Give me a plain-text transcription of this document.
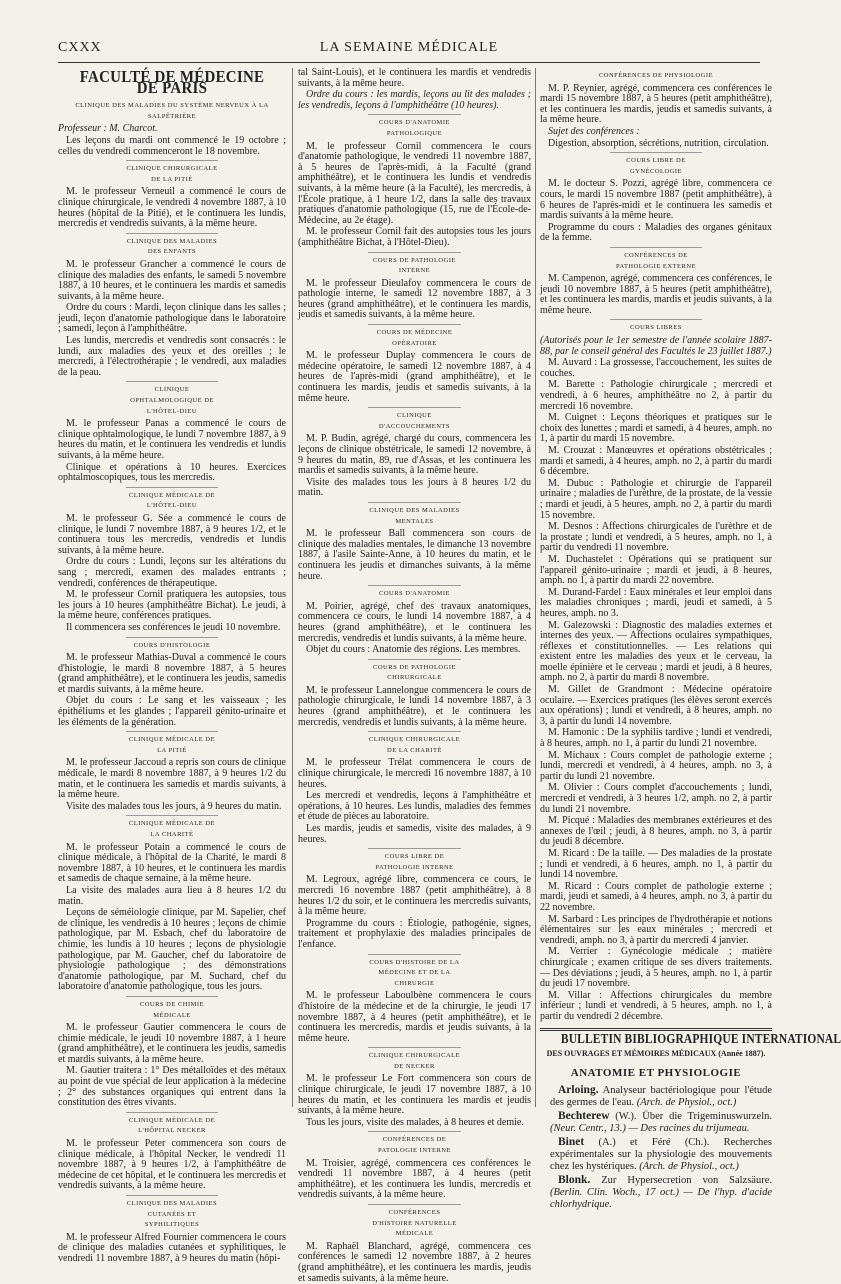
CXXX	LA SEMAINE MÉDICALE
FACULTÉ DE MÉDECINE DE PARIS
CLINIQUE DES MALADIES DU SYSTÈME NERVEUX À LA SALPÊTRIÈRE

Professeur : M. Charcot.

Les leçons du mardi ont commencé le 19 octobre ; celles du vendredi commenceront le 18 novembre.

CLINIQUE CHIRURGICALE DE LA PITIÉ

M. le professeur Verneuil a commencé le cours de clinique chirurgicale, le vendredi 4 novembre 1887, à 10 heures (hôpital de la Pitié), et le continuera les lundis, mercredis et vendredis suivants, à la même heure.

CLINIQUE DES MALADIES DES ENFANTS

M. le professeur Grancher a commencé le cours de clinique des maladies des enfants, le samedi 5 novembre 1887, à 10 heures, et le continuera les mardis et samedis suivants, à la même heure.

Ordre du cours : Mardi, leçon clinique dans les salles ; jeudi, leçon d'anatomie pathologique dans le laboratoire ; samedi, leçon à l'amphithéâtre.

Les lundis, mercredis et vendredis sont consacrés : le lundi, aux maladies des yeux et des oreilles ; le mercredi, à l'électrothérapie ; le vendredi, aux maladies de la peau.

CLINIQUE OPHTALMOLOGIQUE DE L'HÔTEL-DIEU

M. le professeur Panas a commencé le cours de clinique ophtalmologique, le lundi 7 novembre 1887, à 9 heures du matin, et le continuera les vendredis et lundis suivants, à la même heure.

Clinique et opérations à 10 heures. Exercices ophtalmoscopiques, tous les mercredis.

CLINIQUE MÉDICALE DE L'HÔTEL-DIEU

M. le professeur G. Sée a commencé le cours de clinique, le lundi 7 novembre 1887, à 9 heures 1/2, et le continuera tous les mercredis, vendredis et lundis suivants, à la même heure.

Ordre du cours : Lundi, leçons sur les altérations du sang ; mercredi, examen des malades entrants ; vendredi, conférences de thérapeutique.

M. le professeur Cornil pratiquera les autopsies, tous les jours à 10 heures (amphithéâtre Bichat). Le jeudi, à la même heure, conférences pratiques.

Il commencera ses conférences le jeudi 10 novembre.

COURS D'HISTOLOGIE

M. le professeur Mathias-Duval a commencé le cours d'histologie, le mardi 8 novembre 1887, à 5 heures (grand amphithéâtre), et le continuera les jeudis, samedis et mardis suivants, à la même heure.

Objet du cours : Le sang et les vaisseaux ; les épithéliums et les glandes ; l'appareil génito-urinaire et les éléments de la génération.

CLINIQUE MÉDICALE DE LA PITIÉ

M. le professeur Jaccoud a repris son cours de clinique médicale, le mardi 8 novembre 1887, à 9 heures 1/2 du matin, et le continuera les samedis et mardis suivants, à la même heure.

Visite des malades tous les jours, à 9 heures du matin.

CLINIQUE MÉDICALE DE LA CHARITÉ

M. le professeur Potain a commencé le cours de clinique médicale, à l'hôpital de la Charité, le mardi 8 novembre 1887, à 10 heures, et le continuera les mardis et samedis de chaque semaine, à la même heure.

La visite des malades aura lieu à 8 heures 1/2 du matin.

Leçons de séméiologie clinique, par M. Sapelier, chef de clinique, les vendredis à 10 heures ; leçons de chimie pathologique, par M. Esbach, chef du laboratoire de chimie, les lundis à 10 heures ; leçons de physiologie pathologique, par M. Gaucher, chef du laboratoire de physiologie pathologique ; des démonstrations d'anatomie pathologique, par M. Suchard, chef du laboratoire d'anatomie pathologique, tous les jours.

COURS DE CHIMIE MÉDICALE

M. le professeur Gautier commencera le cours de chimie médicale, le jeudi 10 novembre 1887, à 1 heure (grand amphithéâtre), et le continuera les jeudis, samedis et mardis suivants, à la même heure.

M. Gautier traitera : 1° Des métalloïdes et des métaux au point de vue spécial de leur application à la médecine ; 2° des substances organiques qui entrent dans la constitution des êtres vivants.

CLINIQUE MÉDICALE DE L'HÔPITAL NECKER

M. le professeur Peter commencera son cours de clinique médicale, à l'hôpital Necker, le vendredi 11 novembre 1887, à 9 heures 1/2, à l'amphithéâtre de médecine de cet hôpital, et le continuera les mercredis et vendredis suivants, à la même heure.

CLINIQUE DES MALADIES CUTANÉES ET SYPHILITIQUES

M. le professeur Alfred Fournier commencera le cours de clinique des maladies cutanées et syphilitiques, le vendredi 11 novembre 1887, à 9 heures du matin (hôpi-

tal Saint-Louis), et le continuera les mardis et vendredis suivants, à la même heure.

Ordre du cours : les mardis, leçons au lit des malades ; les vendredis, leçons à l'amphithéâtre (10 heures).

COURS D'ANATOMIE PATHOLOGIQUE

M. le professeur Cornil commencera le cours d'anatomie pathologique, le vendredi 11 novembre 1887, à 5 heures de l'après-midi, à la Faculté (grand amphithéâtre), et le continuera les lundis et vendredis suivants, à la même heure (à la Faculté), les mercredis, à l'École pratique, à 1 heure 1/2, dans la salle des travaux pratiques d'anatomie pathologique (15, rue de l'École-de-Médecine, au 2e étage).

M. le professeur Cornil fait des autopsies tous les jours (amphithéâtre Bichat, à l'Hôtel-Dieu).

COURS DE PATHOLOGIE INTERNE

M. le professeur Dieulafoy commencera le cours de pathologie interne, le samedi 12 novembre 1887, à 3 heures (grand amphithéâtre), et le continuera les mardis, jeudis et samedis suivants, à la même heure.

COURS DE MÉDECINE OPÉRATOIRE

M. le professeur Duplay commencera le cours de médecine opératoire, le samedi 12 novembre 1887, à 4 heures de l'après-midi (grand amphithéâtre), et le continuera les mardis, jeudis et samedis suivants, à la même heure.

CLINIQUE D'ACCOUCHEMENTS

M. P. Budin, agrégé, chargé du cours, commencera les leçons de clinique obstétricale, le samedi 12 novembre, à 9 heures du matin, 89, rue d'Assas, et les continuera les mardis et samedis suivants, à la même heure.

Visite des malades tous les jours à 8 heures 1/2 du matin.

CLINIQUE DES MALADIES MENTALES

M. le professeur Ball commencera son cours de clinique des maladies mentales, le dimanche 13 novembre 1887, à l'asile Sainte-Anne, à 10 heures du matin, et le continuera les jeudis et dimanches suivants, à la même heure.

COURS D'ANATOMIE

M. Poirier, agrégé, chef des travaux anatomiques, commencera ce cours, le lundi 14 novembre 1887, à 4 heures (grand amphithéâtre), et le continuera les mercredis, vendredis et lundis suivants, à la même heure.

Objet du cours : Anatomie des régions. Les membres.

COURS DE PATHOLOGIE CHIRURGICALE

M. le professeur Lannelongue commencera le cours de pathologie chirurgicale, le lundi 14 novembre 1887, à 3 heures (grand amphithéâtre), et le continuera les mercredis, vendredis et lundis suivants, à la même heure.

CLINIQUE CHIRURGICALE DE LA CHARITÉ

M. le professeur Trélat commencera le cours de clinique chirurgicale, le mercredi 16 novembre 1887, à 10 heures.

Les mercredi et vendredis, leçons à l'amphithéâtre et opérations, à 10 heures. Les lundis, maladies des femmes et étude de pièces au laboratoire.

Les mardis, jeudis et samedis, visite des malades, à 9 heures.

COURS LIBRE DE PATHOLOGIE INTERNE

M. Legroux, agrégé libre, commencera ce cours, le mercredi 16 novembre 1887 (petit amphithéâtre), à 8 heures 1/2 du soir, et le continuera les mercredis suivants, à la même heure.

Programme du cours : Étiologie, pathogénie, signes, traitement et prophylaxie des maladies principales de l'enfance.

COURS D'HISTOIRE DE LA MÉDECINE ET DE LA CHIRURGIE

M. le professeur Laboulbène commencera le cours d'histoire de la médecine et de la chirurgie, le jeudi 17 novembre 1887, à 4 heures (petit amphithéâtre), et le continuera les mercredis, mardis et jeudis suivants, à la même heure.

CLINIQUE CHIRURGICALE DE NECKER

M. le professeur Le Fort commencera son cours de clinique chirurgicale, le jeudi 17 novembre 1887, à 10 heures du matin, et les continuera les mardis et jeudis suivants, à la même heure.

Tous les jours, visite des malades, à 8 heures et demie.

CONFÉRENCES DE PATOLOGIE INTERNE

M. Troisier, agrégé, commencera ces conférences le vendredi 11 novembre 1887, à 4 heures (petit amphithéâtre), et les continuera les lundis, mercredis et vendredis suivants, à la même heure.

CONFÉRENCES D'HISTOIRE NATURELLE MÉDICALE

M. Raphaël Blanchard, agrégé, commencera ces conférences le samedi 12 novembre 1887, à 2 heures (grand amphithéâtre), et les continuera les mardis, jeudis et samedis suivants, à la même heure.

CONFÉRENCES DE PHYSIOLOGIE

M. P. Reynier, agrégé, commencera ces conférences le mardi 15 novembre 1887, à 5 heures (petit amphithéâtre), et les continuera les mardis, jeudis et samedis suivants, à la même heure.

Sujet des conférences :

Digestion, absorption, sécrétions, nutrition, circulation.

COURS LIBRE DE GYNÉCOLOGIE

M. le docteur S. Pozzi, agrégé libre, commencera ce cours, le mardi 15 novembre 1887 (petit amphithéâtre), à 6 heures de l'après-midi et le continuera les samedis et mardis suivants à la même heure.

Programme du cours : Maladies des organes génitaux de la femme.

CONFÉRENCES DE PATHOLOGIE EXTERNE

M. Campenon, agrégé, commencera ces conférences, le jeudi 10 novembre 1887, à 5 heures (petit amphithéâtre), et les continuera les mardis, mardis et jeudis suivants, à la même heure.

COURS LIBRES

(Autorisés pour le 1er semestre de l'année scolaire 1887-88, par le conseil général des Facultés le 23 juillet 1887.)

M. Auvard : La grossesse, l'accouchement, les suites de couches.

M. Barette : Pathologie chirurgicale ; mercredi et vendredi, à 6 heures, amphithéâtre no 2, à partir du mercredi 16 novembre.

M. Cuignet : Leçons théoriques et pratiques sur le choix des lunettes ; mardi et samedi, à 4 heures, amph. no 1, à partir du mardi 15 novembre.

M. Crouzat : Manœuvres et opérations obstétricales ; mardi et samedi, à 4 heures, amph. no 2, à partir du mardi 6 décembre.

M. Dubuc : Pathologie et chirurgie de l'appareil urinaire ; maladies de l'urèthre, de la prostate, de la vessie ; mardi et jeudi, à 5 heures, amph. no 2, à partir du mardi 15 novembre.

M. Desnos : Affections chirurgicales de l'urèthre et de la prostate ; lundi et vendredi, à 5 heures, amph. no 1, à partir du vendredi 11 novembre.

M. Duchastelet : Opérations qui se pratiquent sur l'appareil génito-urinaire ; mardi et jeudi, à 8 heures, amph. no 1, à partir du mardi 22 novembre.

M. Durand-Fardel : Eaux minérales et leur emploi dans les maladies chroniques ; mardi, jeudi et samedi, à 5 heures, amph. no 3.

M. Galezowski : Diagnostic des maladies externes et internes des yeux. — Affections oculaires sympathiques, réflexes et constitutionnelles. — Les relations qui existent entre les maladies des yeux et le cerveau, la moelle épinière et le cerveau ; mardi et jeudi, à 8 heures, amph. no 2, à partir du mardi 8 novembre.

M. Gillet de Grandmont : Médecine opératoire oculaire. — Exercices pratiques (les élèves seront exercés aux opérations) ; lundi et vendredi, à 8 heures, amph. no 3, à partir du lundi 14 novembre.

M. Hamonic : De la syphilis tardive ; lundi et vendredi, à 8 heures, amph. no 1, à partir du lundi 21 novembre.

M. Michaux : Cours complet de pathologie externe ; lundi, mercredi et vendredi, à 4 heures, amph. no 3, à partir du lundi 21 novembre.

M. Olivier : Cours complet d'accouchements ; lundi, mercredi et vendredi, à 3 heures 1/2, amph. no 2, à partir du lundi 21 novembre.

M. Picqué : Maladies des membranes extérieures et des annexes de l'œil ; jeudi, à 8 heures, amph. no 3, à partir du jeudi 8 décembre.

M. Ricard : De la taille. — Des maladies de la prostate ; lundi et vendredi, à 6 heures, amph. no 1, à partir du lundi 14 novembre.

M. Ricard : Cours complet de pathologie externe ; mardi, jeudi et samedi, à 4 heures, amph. no 3, à partir du 22 novembre.

M. Sarbard : Les principes de l'hydrothérapie et notions élémentaires sur les eaux minérales ; mercredi et vendredi, amph. no 3, à partir du mercredi 4 janvier.

M. Verrier : Gynécologie médicale ; matière chirurgicale ; examen critique de ses divers traitements. — Des déviations ; jeudi, à 5 heures, amph. no 1, à partir du jeudi 17 novembre.

M. Villar : Affections chirurgicales du membre inférieur ; lundi et vendredi, à 5 heures, amph. no 1, à partir du vendredi 2 décembre.

BULLETIN BIBLIOGRAPHIQUE INTERNATIONAL
DES OUVRAGES ET MÉMOIRES MÉDICAUX (Année 1887).
ANATOMIE ET PHYSIOLOGIE

Arloing. Analyseur bactériologique pour l'étude des germes de l'eau. (Arch. de Physiol., oct.)

Bechterew (W.). Über die Trigeminuswurzeln. (Neur. Centr., 13.) — Des racines du trijumeau.

Binet (A.) et Féré (Ch.). Recherches expérimentales sur la physiologie des mouvements chez les hystériques. (Arch. de Physiol., oct.)

Blonk. Zur Hypersecretion von Salzsäure. (Berlin. Clin. Woch., 17 oct.) — De l'hyp. d'acide chlorhydrique.
